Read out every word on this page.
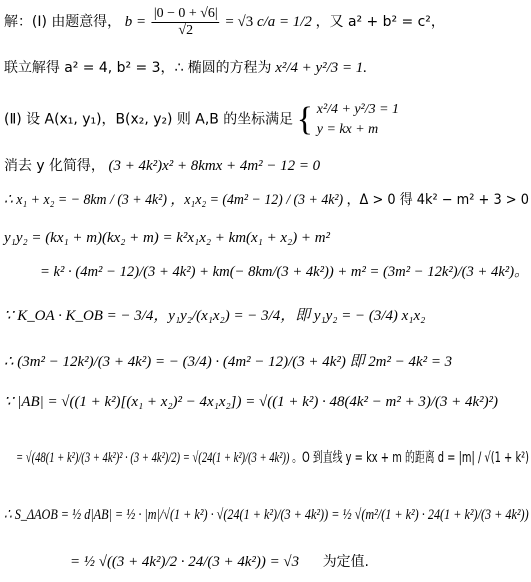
解：(Ⅰ) 由题意得， $b = \frac{|0 - 0 + √6|}{√2} = √3$ c/a = 1/2 ，又 a² + b² = c²，
联立解得 a² = 4, b² = 3，∴ 椭圆的方程为 x²/4 + y²/3 = 1.
(Ⅱ) 设 A(x₁, y₁)，B(x₂, y₂) 则 A,B 的坐标满足 { x²/4 + y²/3 = 1
y = kx + m
消去 y 化简得， (3 + 4k²)x² + 8kmx + 4m² − 12 = 0
∴ x₁ + x₂ = − 8km / (3 + 4k²) ，x₁x₂ = (4m² − 12) / (3 + 4k²) ，Δ > 0 得 4k² − m² + 3 > 0
y₁y₂ = (kx₁ + m)(kx₂ + m) = k²x₁x₂ + km(x₁ + x₂) + m²
= k² · (4m² − 12)/(3 + 4k²) + km(− 8km/(3 + 4k²)) + m² = (3m² − 12k²)/(3 + 4k²)。
∵ K_OA · K_OB = − 3/4，y₁y₂/(x₁x₂) = − 3/4，即 y₁y₂ = − (3/4) x₁x₂
∴ (3m² − 12k²)/(3 + 4k²) = − (3/4) · (4m² − 12)/(3 + 4k²) 即 2m² − 4k² = 3
∵ |AB| = √((1 + k²)[(x₁ + x₂)² − 4x₁x₂]) = √((1 + k²) · 48(4k² − m² + 3)/(3 + 4k²)²)
= √(48(1 + k²)/(3 + 4k²)² · (3 + 4k²)/2) = √(24(1 + k²)/(3 + 4k²)) 。O 到直线 y = kx + m 的距离 d = |m| / √(1 + k²)
∴ S_ΔAOB = ½ d|AB| = ½ · |m|/√(1 + k²) · √(24(1 + k²)/(3 + 4k²)) = ½ √(m²/(1 + k²) · 24(1 + k²)/(3 + 4k²))
= ½ √((3 + 4k²)/2 · 24/(3 + 4k²)) = √3 为定值.
